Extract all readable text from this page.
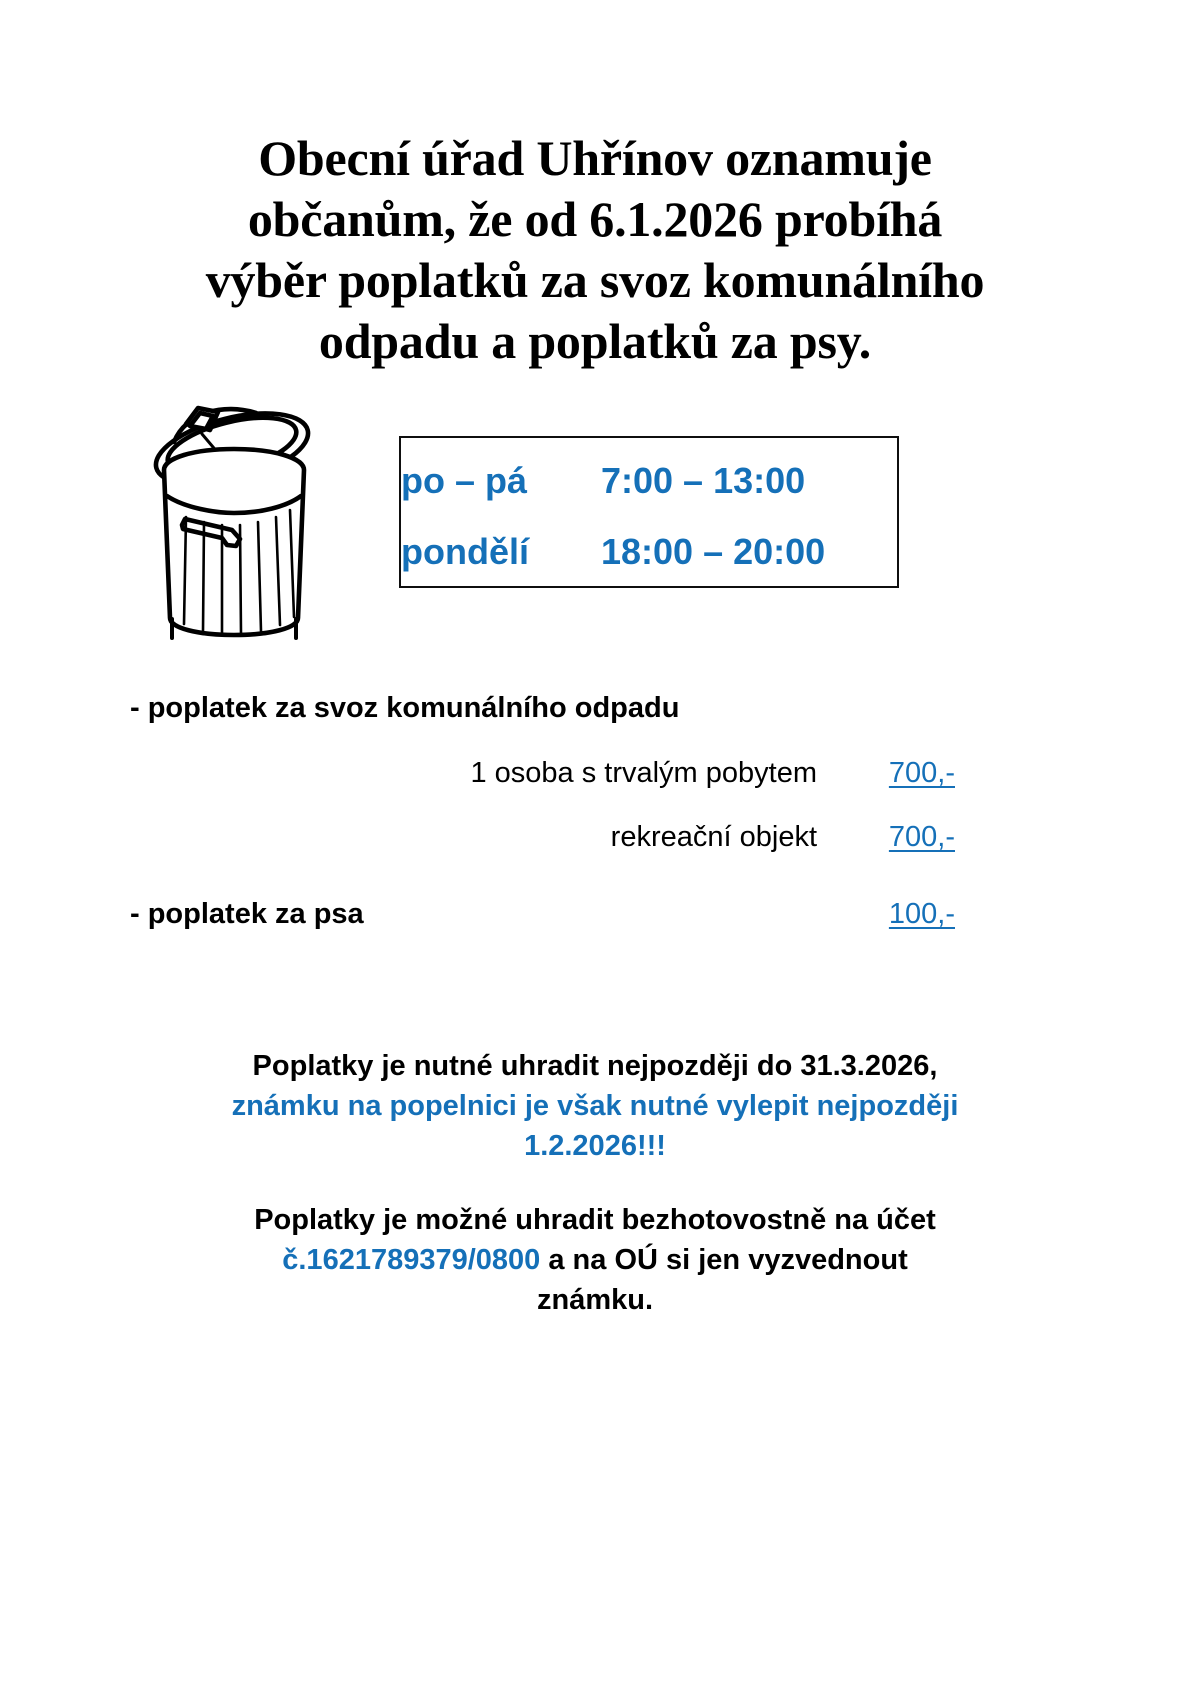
Obecní úřad Uhřínov oznamuje
občanům, že od 6.1.2026 probíhá
výběr poplatků za svoz komunálního
odpadu a poplatků za psy.
po – pá	7:00 – 13:00
pondělí	18:00 – 20:00
- poplatek za svoz komunálního odpadu
1 osoba s trvalým pobytem	700,-
rekreační objekt	700,-
- poplatek za psa	100,-

Poplatky je nutné uhradit nejpozději do 31.3.2026,

známku na popelnici je však nutné vylepit nejpozději

1.2.2026!!!

Poplatky je možné uhradit bezhotovostně na účet

č.1621789379/0800 a na OÚ si jen vyzvednout

známku.
